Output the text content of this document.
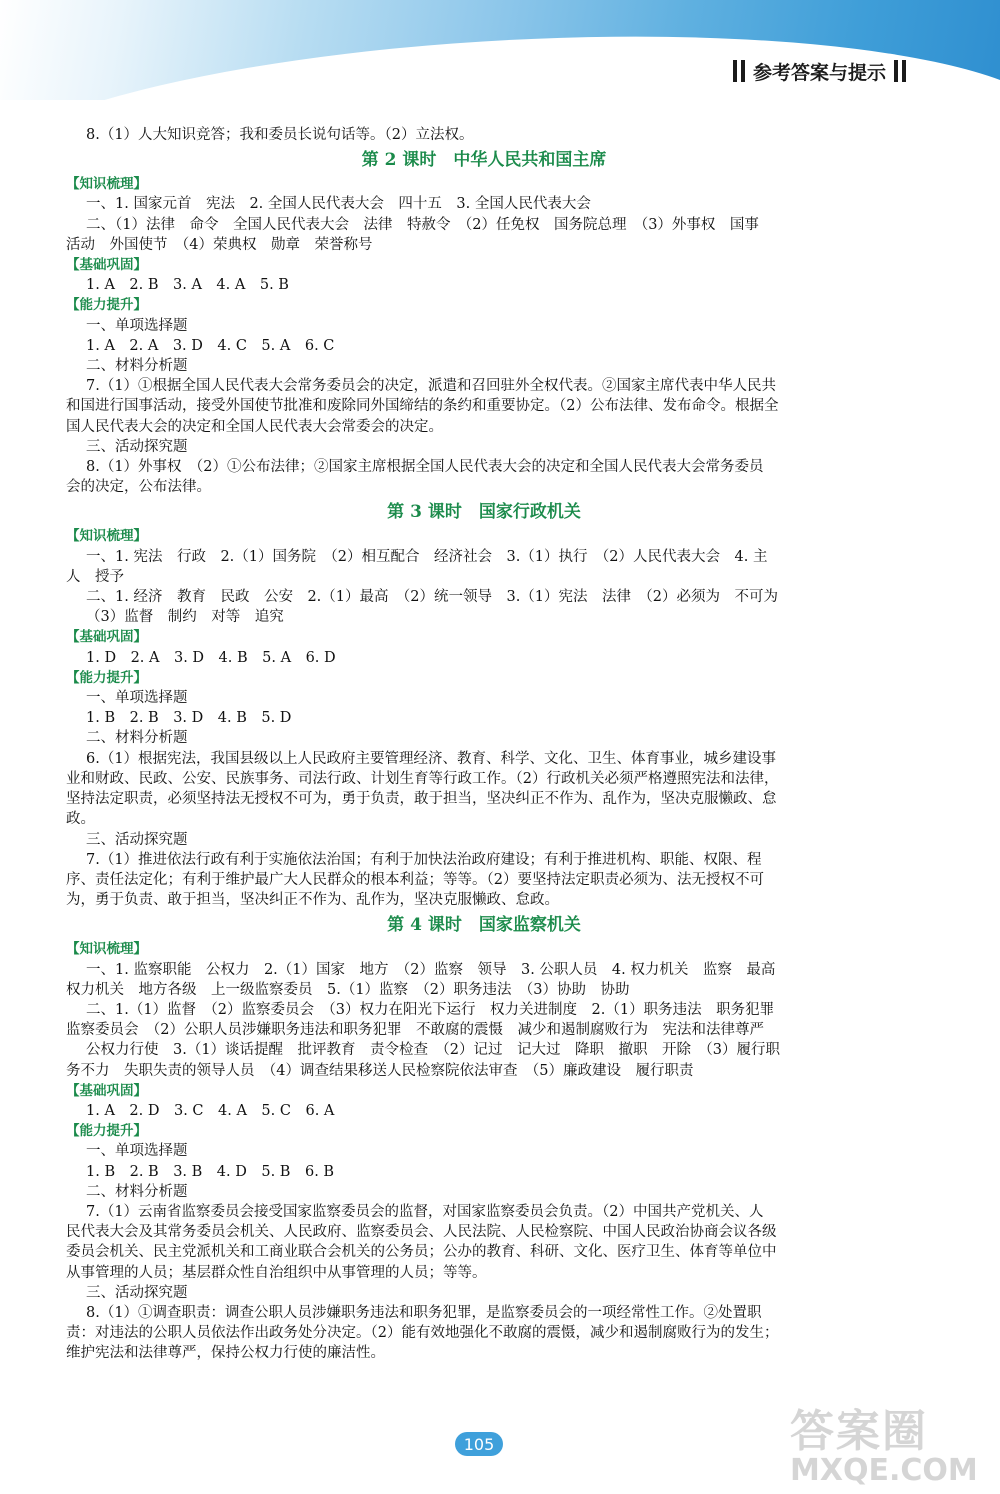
参考答案与提示
8.（1）人大知识竞答；我和委员长说句话等。（2）立法权。
第 2 课时　中华人民共和国主席
【知识梳理】
一、1. 国家元首　宪法　2. 全国人民代表大会　四十五　3. 全国人民代表大会
二、（1）法律　命令　全国人民代表大会　法律　特赦令　（2）任免权　国务院总理　（3）外事权　国事
活动　外国使节　（4）荣典权　勋章　荣誉称号
【基础巩固】
1. A　2. B　3. A　4. A　5. B
【能力提升】
一、单项选择题
1. A　2. A　3. D　4. C　5. A　6. C
二、材料分析题
7.（1）①根据全国人民代表大会常务委员会的决定，派遣和召回驻外全权代表。②国家主席代表中华人民共
和国进行国事活动，接受外国使节批准和废除同外国缔结的条约和重要协定。（2）公布法律、发布命令。根据全
国人民代表大会的决定和全国人民代表大会常委会的决定。
三、活动探究题
8.（1）外事权　（2）①公布法律；②国家主席根据全国人民代表大会的决定和全国人民代表大会常务委员
会的决定，公布法律。
第 3 课时　国家行政机关
【知识梳理】
一、1. 宪法　行政　2.（1）国务院　（2）相互配合　经济社会　3.（1）执行　（2）人民代表大会　4. 主
人　授予
二、1. 经济　教育　民政　公安　2.（1）最高　（2）统一领导　3.（1）宪法　法律　（2）必须为　不可为
（3）监督　制约　对等　追究
【基础巩固】
1. D　2. A　3. D　4. B　5. A　6. D
【能力提升】
一、单项选择题
1. B　2. B　3. D　4. B　5. D
二、材料分析题
6.（1）根据宪法，我国县级以上人民政府主要管理经济、教育、科学、文化、卫生、体育事业，城乡建设事
业和财政、民政、公安、民族事务、司法行政、计划生育等行政工作。（2）行政机关必须严格遵照宪法和法律，
坚持法定职责，必须坚持法无授权不可为，勇于负责，敢于担当，坚决纠正不作为、乱作为，坚决克服懒政、怠
政。
三、活动探究题
7.（1）推进依法行政有利于实施依法治国；有利于加快法治政府建设；有利于推进机构、职能、权限、程
序、责任法定化；有利于维护最广大人民群众的根本利益；等等。（2）要坚持法定职责必须为、法无授权不可
为，勇于负责、敢于担当，坚决纠正不作为、乱作为，坚决克服懒政、怠政。
第 4 课时　国家监察机关
【知识梳理】
一、1. 监察职能　公权力　2.（1）国家　地方　（2）监察　领导　3. 公职人员　4. 权力机关　监察　最高
权力机关　地方各级　上一级监察委员　5.（1）监察　（2）职务违法　（3）协助　协助
二、1.（1）监督　（2）监察委员会　（3）权力在阳光下运行　权力关进制度　2.（1）职务违法　职务犯罪
监察委员会　（2）公职人员涉嫌职务违法和职务犯罪　不敢腐的震慑　减少和遏制腐败行为　宪法和法律尊严
公权力行使　3.（1）谈话提醒　批评教育　责令检查　（2）记过　记大过　降职　撤职　开除　（3）履行职
务不力　失职失责的领导人员　（4）调查结果移送人民检察院依法审查　（5）廉政建设　履行职责
【基础巩固】
1. A　2. D　3. C　4. A　5. C　6. A
【能力提升】
一、单项选择题
1. B　2. B　3. B　4. D　5. B　6. B
二、材料分析题
7.（1）云南省监察委员会接受国家监察委员会的监督，对国家监察委员会负责。（2）中国共产党机关、人
民代表大会及其常务委员会机关、人民政府、监察委员会、人民法院、人民检察院、中国人民政治协商会议各级
委员会机关、民主党派机关和工商业联合会机关的公务员；公办的教育、科研、文化、医疗卫生、体育等单位中
从事管理的人员；基层群众性自治组织中从事管理的人员；等等。
三、活动探究题
8.（1）①调查职责：调查公职人员涉嫌职务违法和职务犯罪，是监察委员会的一项经常性工作。②处置职
责：对违法的公职人员依法作出政务处分决定。（2）能有效地强化不敢腐的震慑，减少和遏制腐败行为的发生；
维护宪法和法律尊严，保持公权力行使的廉洁性。
105	答案圈
MXQE.COM
